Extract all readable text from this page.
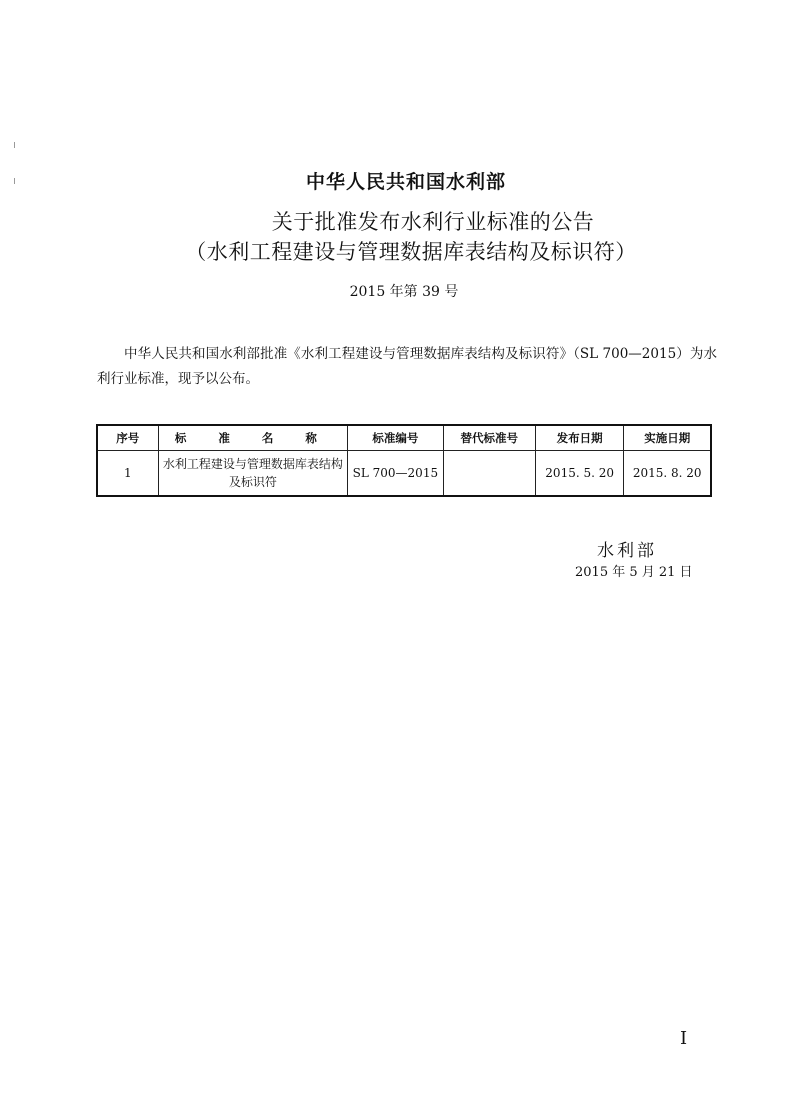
中华人民共和国水利部
关于批准发布水利行业标准的公告
（水利工程建设与管理数据库表结构及标识符）
2015 年第 39 号
中华人民共和国水利部批准《水利工程建设与管理数据库表结构及标识符》（SL 700—2015）为水利行业标准，现予以公布。
序号	标 准 名 称	标准编号	替代标准号	发布日期	实施日期
1	水利工程建设与管理数据库表结构及标识符	SL 700—2015		2015. 5. 20	2015. 8. 20
水利部
2015 年 5 月 21 日
I
